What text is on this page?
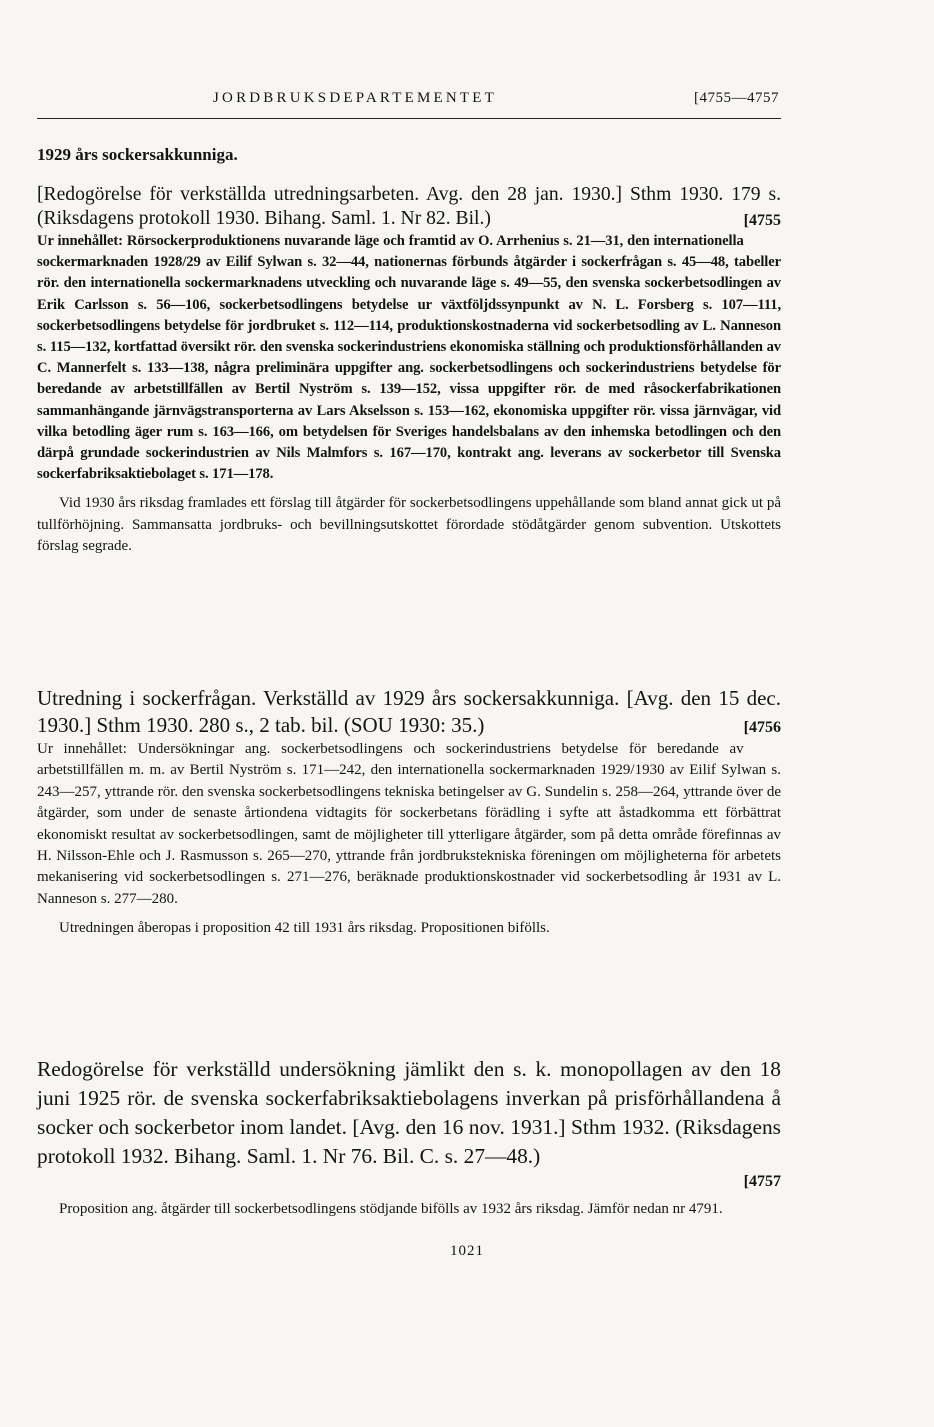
JORDBRUKSDEPARTEMENTET	[4755—4757
1929 års sockersakkunniga.
[Redogörelse för verkställda utredningsarbeten. Avg. den 28 jan. 1930.] Sthm 1930. 179 s. (Riksdagens protokoll 1930. Bihang. Saml. 1. Nr 82. Bil.)	[4755
Ur innehållet: Rörsockerproduktionens nuvarande läge och framtid av O. Arrhenius s. 21—31, den internationella sockermarknaden 1928/29 av Eilif Sylwan s. 32—44, nationernas förbunds åtgärder i sockerfrågan s. 45—48, tabeller rör. den internationella sockermarknadens utveckling och nuvarande läge s. 49—55, den svenska sockerbetsodlingen av Erik Carlsson s. 56—106, sockerbetsodlingens betydelse ur växtföljdssynpunkt av N. L. Forsberg s. 107—111, sockerbetsodlingens betydelse för jordbruket s. 112—114, produktionskostnaderna vid sockerbetsodling av L. Nanneson s. 115—132, kortfattad översikt rör. den svenska sockerindustriens ekonomiska ställning och produktionsförhållanden av C. Mannerfelt s. 133—138, några preliminära uppgifter ang. sockerbetsodlingens och sockerindustriens betydelse för beredande av arbetstillfällen av Bertil Nyström s. 139—152, vissa uppgifter rör. de med råsockerfabrikationen sammanhängande järnvägstransporterna av Lars Akselsson s. 153—162, ekonomiska uppgifter rör. vissa järnvägar, vid vilka betodling äger rum s. 163—166, om betydelsen för Sveriges handelsbalans av den inhemska betodlingen och den därpå grundade sockerindustrien av Nils Malmfors s. 167—170, kontrakt ang. leverans av sockerbetor till Svenska sockerfabriksaktiebolaget s. 171—178.
Vid 1930 års riksdag framlades ett förslag till åtgärder för sockerbetsodlingens uppehållande som bland annat gick ut på tullförhöjning. Sammansatta jordbruks- och bevillningsutskottet förordade stödåtgärder genom subvention. Utskottets förslag segrade.
Utredning i sockerfrågan. Verkställd av 1929 års sockersakkunniga. [Avg. den 15 dec. 1930.] Sthm 1930. 280 s., 2 tab. bil. (SOU 1930: 35.)	[4756
Ur innehållet: Undersökningar ang. sockerbetsodlingens och sockerindustriens betydelse för beredande av arbetstillfällen m. m. av Bertil Nyström s. 171—242, den internationella sockermarknaden 1929/1930 av Eilif Sylwan s. 243—257, yttrande rör. den svenska sockerbetsodlingens tekniska betingelser av G. Sundelin s. 258—264, yttrande över de åtgärder, som under de senaste årtiondena vidtagits för sockerbetans förädling i syfte att åstadkomma ett förbättrat ekonomiskt resultat av sockerbetsodlingen, samt de möjligheter till ytterligare åtgärder, som på detta område förefinnas av H. Nilsson-Ehle och J. Rasmusson s. 265—270, yttrande från jordbrukstekniska föreningen om möjligheterna för arbetets mekanisering vid sockerbetsodlingen s. 271—276, beräknade produktionskostnader vid sockerbetsodling år 1931 av L. Nanneson s. 277—280.
Utredningen åberopas i proposition 42 till 1931 års riksdag. Propositionen bifölls.
Redogörelse för verkställd undersökning jämlikt den s. k. monopollagen av den 18 juni 1925 rör. de svenska sockerfabriksaktiebolagens inverkan på prisförhållandena å socker och sockerbetor inom landet. [Avg. den 16 nov. 1931.] Sthm 1932. (Riksdagens protokoll 1932. Bihang. Saml. 1. Nr 76. Bil. C. s. 27—48.)
[4757
Proposition ang. åtgärder till sockerbetsodlingens stödjande bifölls av 1932 års riksdag. Jämför nedan nr 4791.
1021
